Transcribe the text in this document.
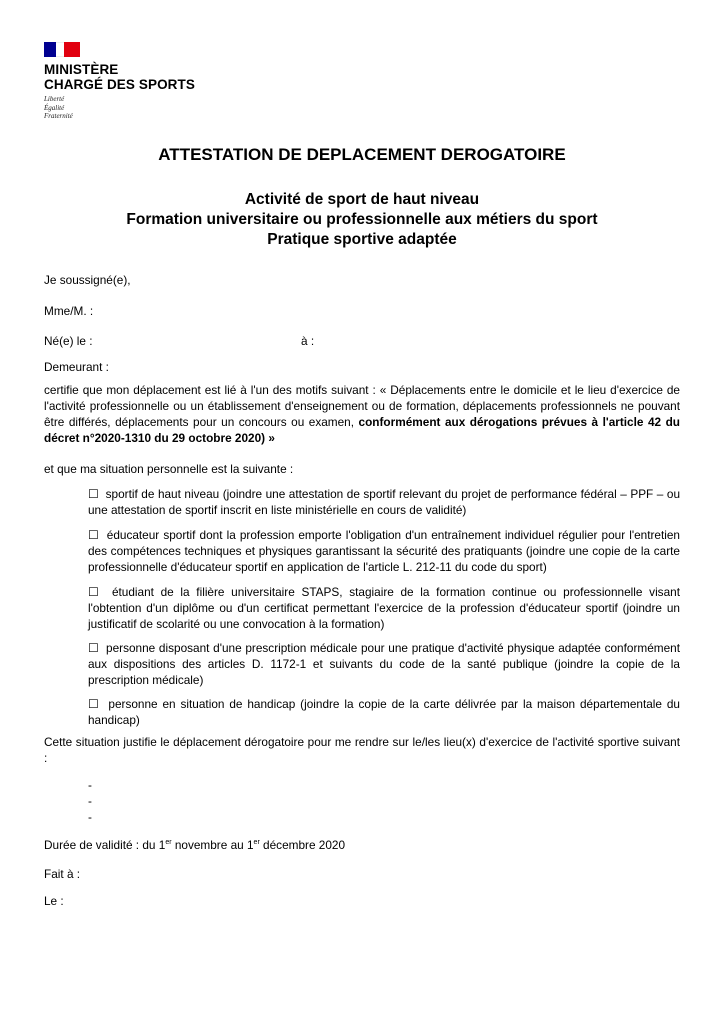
MINISTÈRE
CHARGÉ DES SPORTS
Liberté
Égalité
Fraternité
ATTESTATION DE DEPLACEMENT DEROGATOIRE
Activité de sport de haut niveau
Formation universitaire ou professionnelle aux métiers du sport
Pratique sportive adaptée

Je soussigné(e),

Mme/M. :

Né(e) le :	à :

Demeurant :

certifie que mon déplacement est lié à l'un des motifs suivant : « Déplacements entre le domicile et le lieu d'exercice de l'activité professionnelle ou un établissement d'enseignement ou de formation, déplacements professionnels ne pouvant être différés, déplacements pour un concours ou examen, conformément aux dérogations prévues à l'article 42 du décret n°2020-1310 du 29 octobre 2020) »

et que ma situation personnelle est la suivante :

☐ sportif de haut niveau (joindre une attestation de sportif relevant du projet de performance fédéral – PPF – ou une attestation de sportif inscrit en liste ministérielle en cours de validité)

☐ éducateur sportif dont la profession emporte l'obligation d'un entraînement individuel régulier pour l'entretien des compétences techniques et physiques garantissant la sécurité des pratiquants (joindre une copie de la carte professionnelle d'éducateur sportif en application de l'article L. 212-11 du code du sport)

☐ étudiant de la filière universitaire STAPS, stagiaire de la formation continue ou professionnelle visant l'obtention d'un diplôme ou d'un certificat permettant l'exercice de la profession d'éducateur sportif (joindre un justificatif de scolarité ou une convocation à la formation)

☐ personne disposant d'une prescription médicale pour une pratique d'activité physique adaptée conformément aux dispositions des articles D. 1172-1 et suivants du code de la santé publique (joindre la copie de la prescription médicale)

☐ personne en situation de handicap (joindre la copie de la carte délivrée par la maison départementale du handicap)

Cette situation justifie le déplacement dérogatoire pour me rendre sur le/les lieu(x) d'exercice de l'activité sportive suivant :

-

-

-

Durée de validité : du 1er novembre au 1er décembre 2020

Fait à :

Le :
